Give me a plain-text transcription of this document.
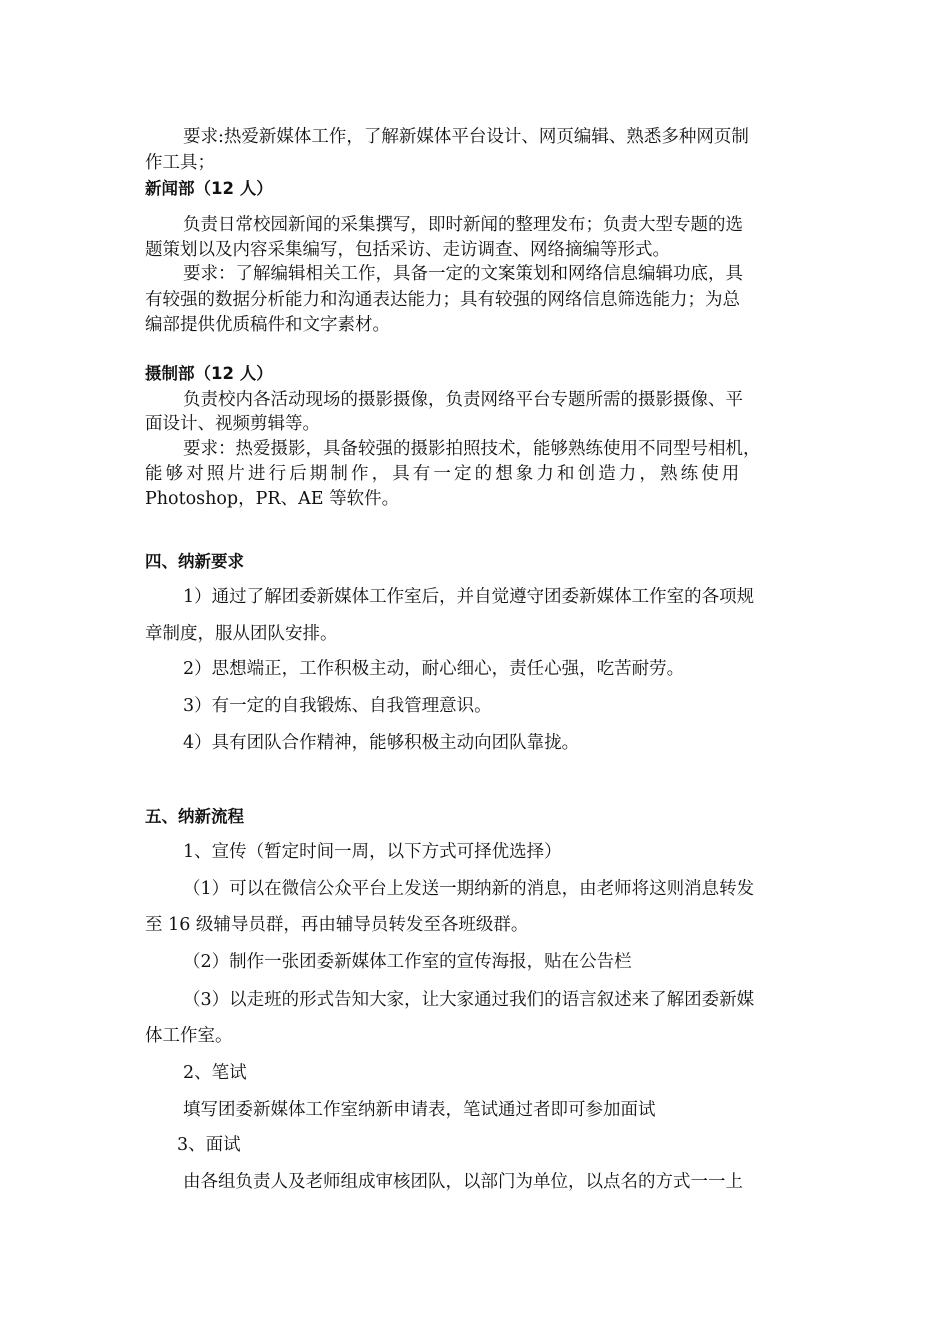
要求:热爱新媒体工作，了解新媒体平台设计、网页编辑、熟悉多种网页制
作工具；
新闻部（12 人）
负责日常校园新闻的采集撰写，即时新闻的整理发布；负责大型专题的选
题策划以及内容采集编写，包括采访、走访调查、网络摘编等形式。
要求：了解编辑相关工作，具备一定的文案策划和网络信息编辑功底，具
有较强的数据分析能力和沟通表达能力；具有较强的网络信息筛选能力；为总
编部提供优质稿件和文字素材。
摄制部（12 人）
负责校内各活动现场的摄影摄像，负责网络平台专题所需的摄影摄像、平
面设计、视频剪辑等。
要求：热爱摄影，具备较强的摄影拍照技术，能够熟练使用不同型号相机，
能够对照片进行后期制作，具有一定的想象力和创造力，熟练使用
Photoshop，PR、AE 等软件。
四、纳新要求
1）通过了解团委新媒体工作室后，并自觉遵守团委新媒体工作室的各项规
章制度，服从团队安排。
2）思想端正，工作积极主动，耐心细心，责任心强，吃苦耐劳。
3）有一定的自我锻炼、自我管理意识。
4）具有团队合作精神，能够积极主动向团队靠拢。
五、纳新流程
1、宣传（暂定时间一周，以下方式可择优选择）
（1）可以在微信公众平台上发送一期纳新的消息，由老师将这则消息转发
至 16 级辅导员群，再由辅导员转发至各班级群。
（2）制作一张团委新媒体工作室的宣传海报，贴在公告栏
（3）以走班的形式告知大家，让大家通过我们的语言叙述来了解团委新媒
体工作室。
2、笔试
填写团委新媒体工作室纳新申请表，笔试通过者即可参加面试
3、面试
由各组负责人及老师组成审核团队，以部门为单位，以点名的方式一一上
